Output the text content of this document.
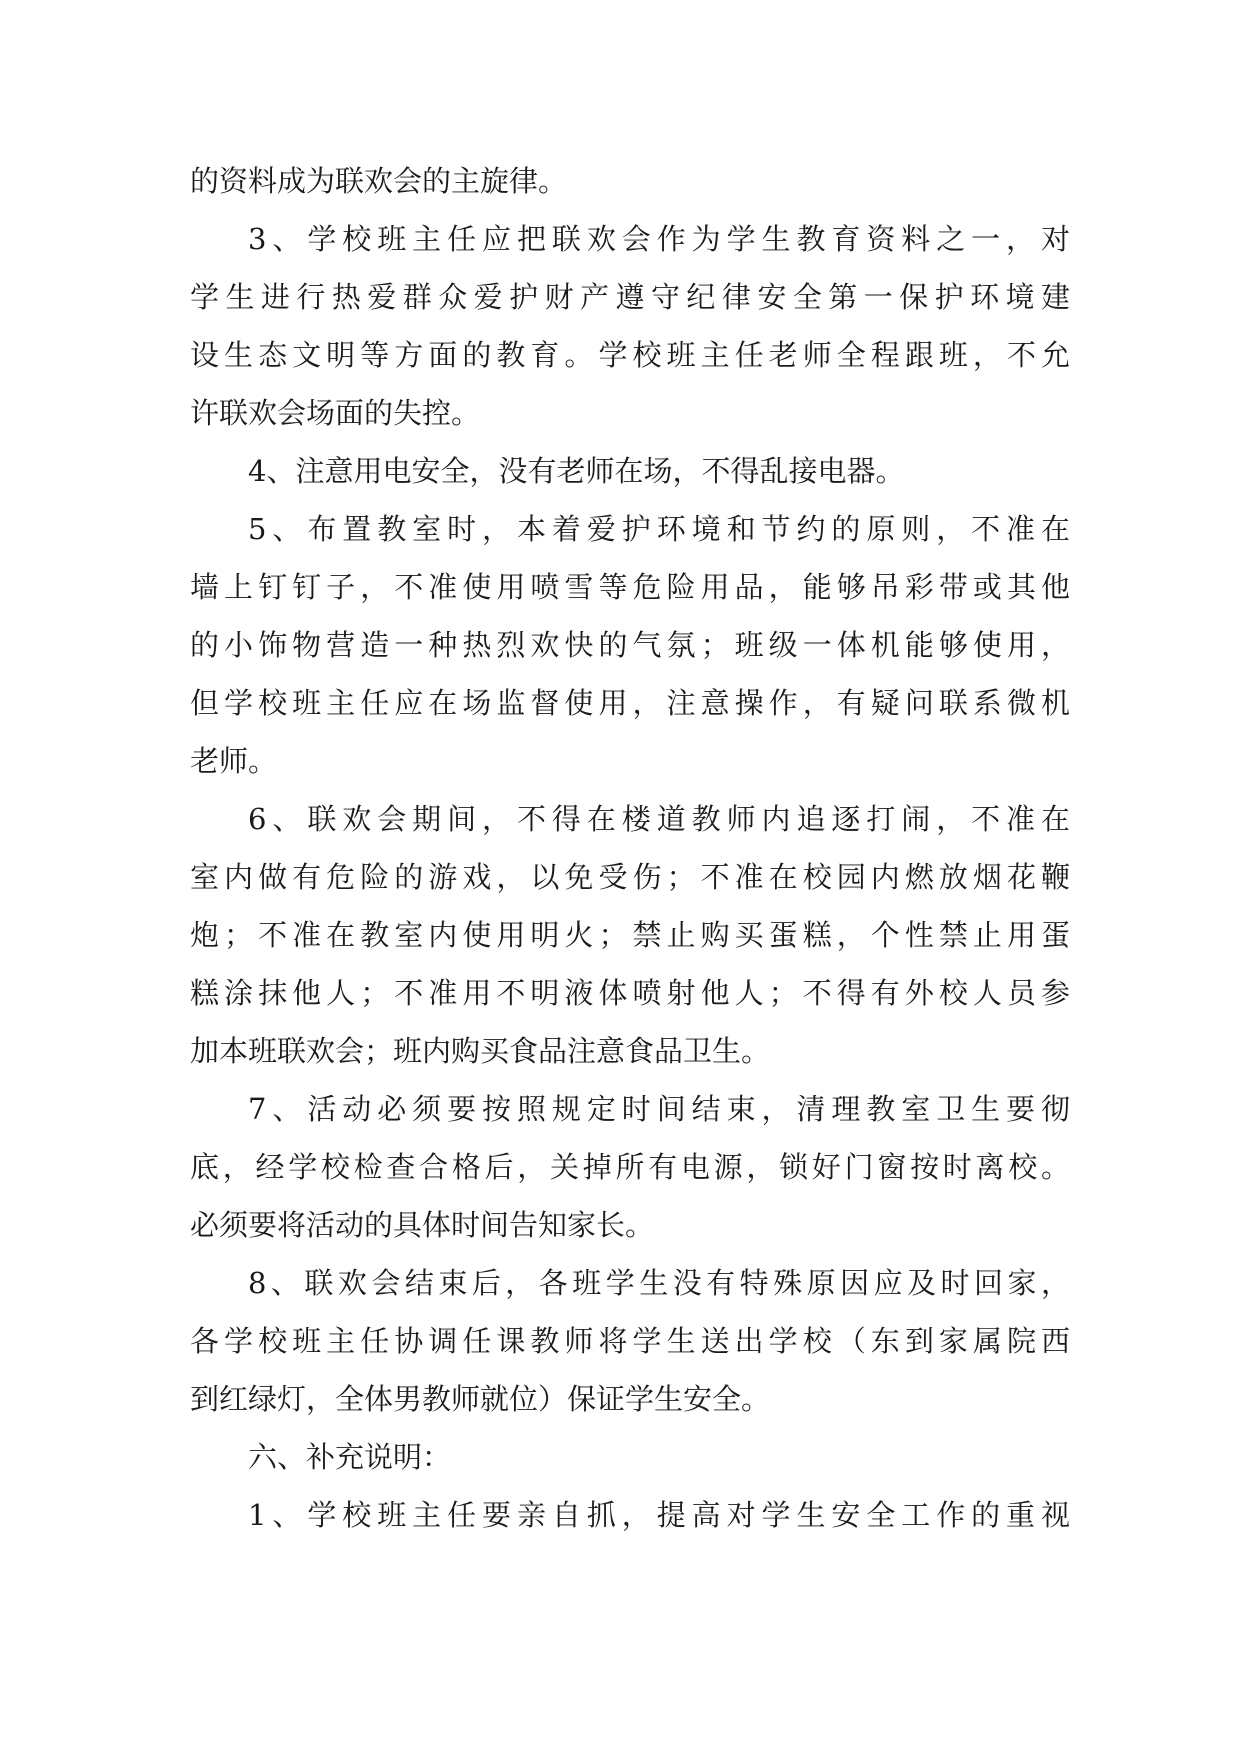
的资料成为联欢会的主旋律。
3、学校班主任应把联欢会作为学生教育资料之一，对
学生进行热爱群众爱护财产遵守纪律安全第一保护环境建
设生态文明等方面的教育。学校班主任老师全程跟班，不允
许联欢会场面的失控。
4、注意用电安全，没有老师在场，不得乱接电器。
5、布置教室时，本着爱护环境和节约的原则，不准在
墙上钉钉子，不准使用喷雪等危险用品，能够吊彩带或其他
的小饰物营造一种热烈欢快的气氛；班级一体机能够使用，
但学校班主任应在场监督使用，注意操作，有疑问联系微机
老师。
6、联欢会期间，不得在楼道教师内追逐打闹，不准在
室内做有危险的游戏，以免受伤；不准在校园内燃放烟花鞭
炮；不准在教室内使用明火；禁止购买蛋糕，个性禁止用蛋
糕涂抹他人；不准用不明液体喷射他人；不得有外校人员参
加本班联欢会；班内购买食品注意食品卫生。
7、活动必须要按照规定时间结束，清理教室卫生要彻
底，经学校检查合格后，关掉所有电源，锁好门窗按时离校。
必须要将活动的具体时间告知家长。
8、联欢会结束后，各班学生没有特殊原因应及时回家，
各学校班主任协调任课教师将学生送出学校（东到家属院西
到红绿灯，全体男教师就位）保证学生安全。
六、补充说明：
1、学校班主任要亲自抓，提高对学生安全工作的重视
